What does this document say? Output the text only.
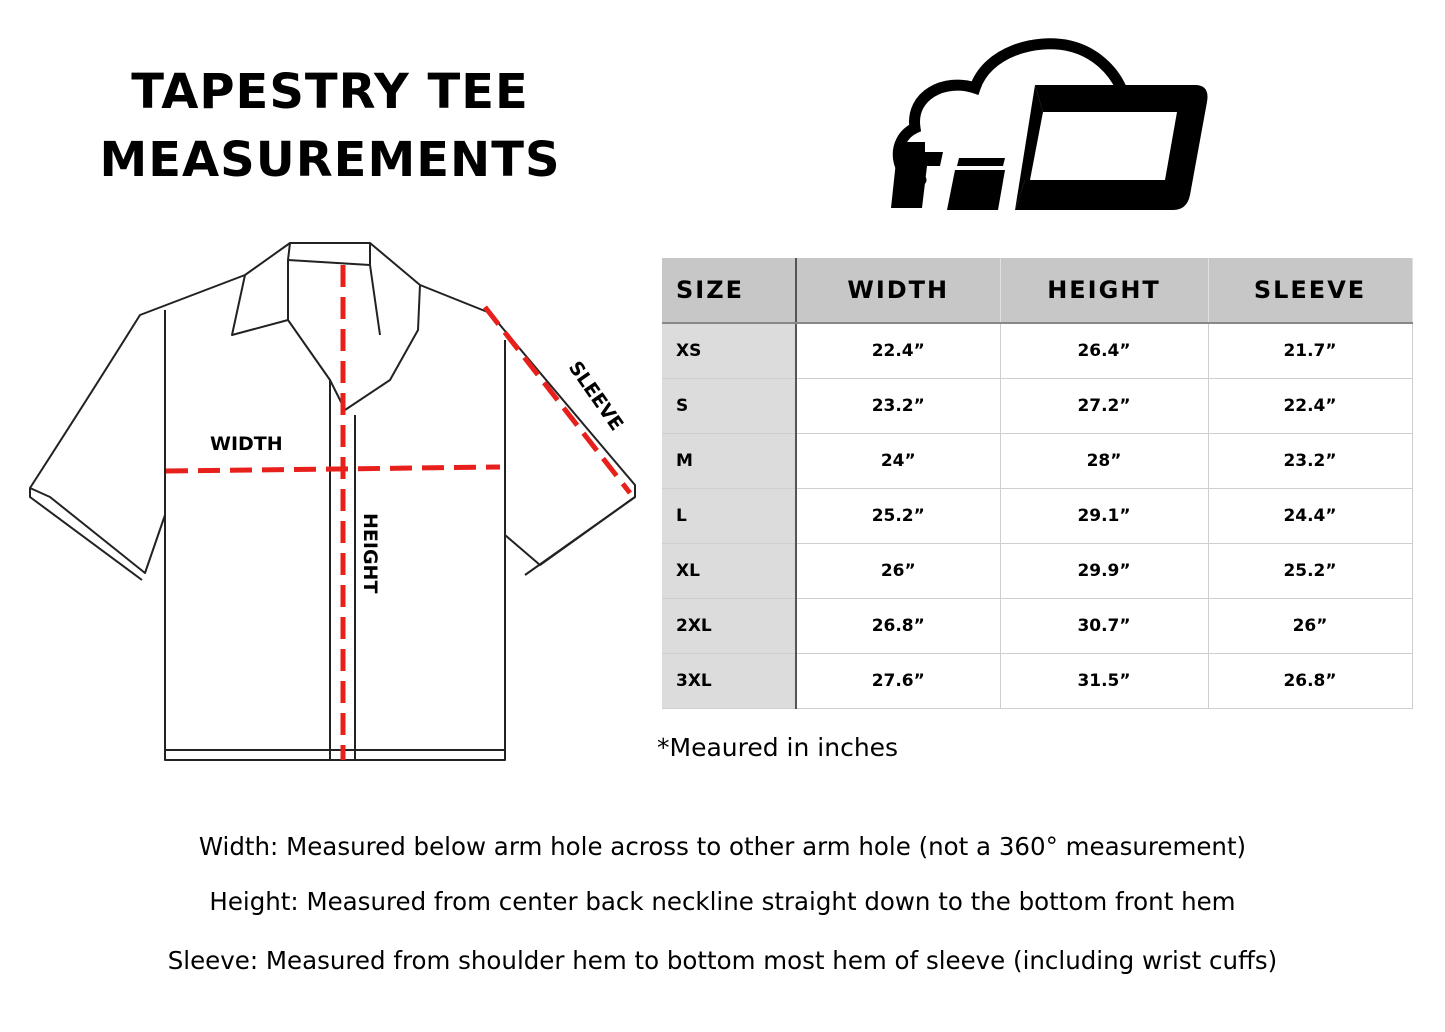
TAPESTRY TEE
MEASUREMENTS
WIDTH
HEIGHT
SLEEVE
SIZE	WIDTH	HEIGHT	SLEEVE
XS	22.4”	26.4”	21.7”
S	23.2”	27.2”	22.4”
M	24”	28”	23.2”
L	25.2”	29.1”	24.4”
XL	26”	29.9”	25.2”
2XL	26.8”	30.7”	26”
3XL	27.6”	31.5”	26.8”
*Meaured in inches
Width: Measured below arm hole across to other arm hole (not a 360° measurement)
Height: Measured from center back neckline straight down to the bottom front hem
Sleeve: Measured from shoulder hem to bottom most hem of sleeve (including wrist cuffs)
